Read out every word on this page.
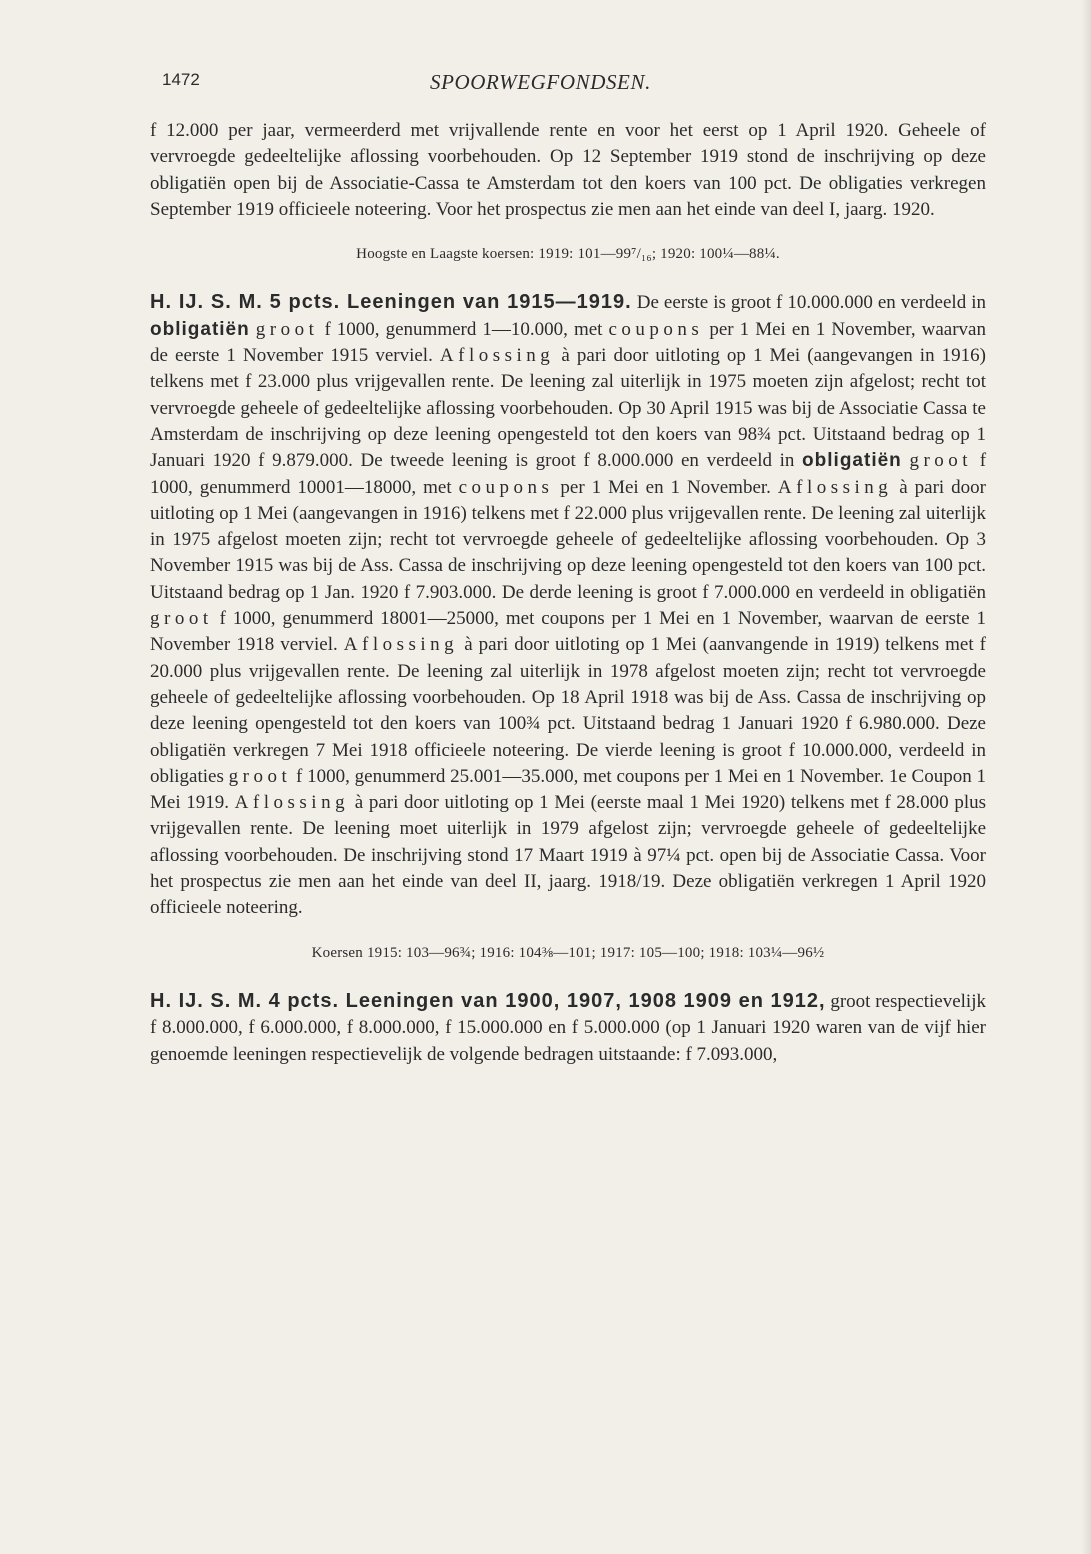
1472	SPOORWEGFONDSEN.

f 12.000 per jaar, vermeerderd met vrijvallende rente en voor het eerst op 1 April 1920. Geheele of vervroegde gedeeltelijke aflossing voorbehouden. Op 12 September 1919 stond de inschrijving op deze obligatiën open bij de Associatie-Cassa te Amsterdam tot den koers van 100 pct. De obligaties verkregen September 1919 officieele noteering. Voor het prospectus zie men aan het einde van deel I, jaarg. 1920.

Hoogste en Laagste koersen: 1919: 101—99⁷/₁₆; 1920: 100¼—88¼.

H. IJ. S. M. 5 pcts. Leeningen van 1915—1919. De eerste is groot f 10.000.000 en verdeeld in obligatiën groot f 1000, genummerd 1—10.000, met coupons per 1 Mei en 1 November, waarvan de eerste 1 November 1915 verviel. Aflossing à pari door uitloting op 1 Mei (aangevangen in 1916) telkens met f 23.000 plus vrijgevallen rente. De leening zal uiterlijk in 1975 moeten zijn afgelost; recht tot vervroegde geheele of gedeeltelijke aflossing voorbehouden. Op 30 April 1915 was bij de Associatie Cassa te Amsterdam de inschrijving op deze leening opengesteld tot den koers van 98¾ pct. Uitstaand bedrag op 1 Januari 1920 f 9.879.000. De tweede leening is groot f 8.000.000 en verdeeld in obligatiën groot f 1000, genummerd 10001—18000, met coupons per 1 Mei en 1 November. Aflossing à pari door uitloting op 1 Mei (aangevangen in 1916) telkens met f 22.000 plus vrijgevallen rente. De leening zal uiterlijk in 1975 afgelost moeten zijn; recht tot vervroegde geheele of gedeeltelijke aflossing voorbehouden. Op 3 November 1915 was bij de Ass. Cassa de inschrijving op deze leening opengesteld tot den koers van 100 pct. Uitstaand bedrag op 1 Jan. 1920 f 7.903.000. De derde leening is groot f 7.000.000 en verdeeld in obligatiën groot f 1000, genummerd 18001—25000, met coupons per 1 Mei en 1 November, waarvan de eerste 1 November 1918 verviel. Aflossing à pari door uitloting op 1 Mei (aanvangende in 1919) telkens met f 20.000 plus vrijgevallen rente. De leening zal uiterlijk in 1978 afgelost moeten zijn; recht tot vervroegde geheele of gedeeltelijke aflossing voorbehouden. Op 18 April 1918 was bij de Ass. Cassa de inschrijving op deze leening opengesteld tot den koers van 100¾ pct. Uitstaand bedrag 1 Januari 1920 f 6.980.000. Deze obligatiën verkregen 7 Mei 1918 officieele noteering. De vierde leening is groot f 10.000.000, verdeeld in obligaties groot f 1000, genummerd 25.001—35.000, met coupons per 1 Mei en 1 November. 1e Coupon 1 Mei 1919. Aflossing à pari door uitloting op 1 Mei (eerste maal 1 Mei 1920) telkens met f 28.000 plus vrijgevallen rente. De leening moet uiterlijk in 1979 afgelost zijn; vervroegde geheele of gedeeltelijke aflossing voorbehouden. De inschrijving stond 17 Maart 1919 à 97¼ pct. open bij de Associatie Cassa. Voor het prospectus zie men aan het einde van deel II, jaarg. 1918/19. Deze obligatiën verkregen 1 April 1920 officieele noteering.

Koersen 1915: 103—96¾; 1916: 104⅜—101; 1917: 105—100; 1918: 103¼—96½

H. IJ. S. M. 4 pcts. Leeningen van 1900, 1907, 1908 1909 en 1912, groot respectievelijk f 8.000.000, f 6.000.000, f 8.000.000, f 15.000.000 en f 5.000.000 (op 1 Januari 1920 waren van de vijf hier genoemde leeningen respectievelijk de volgende bedragen uitstaande: f 7.093.000,
